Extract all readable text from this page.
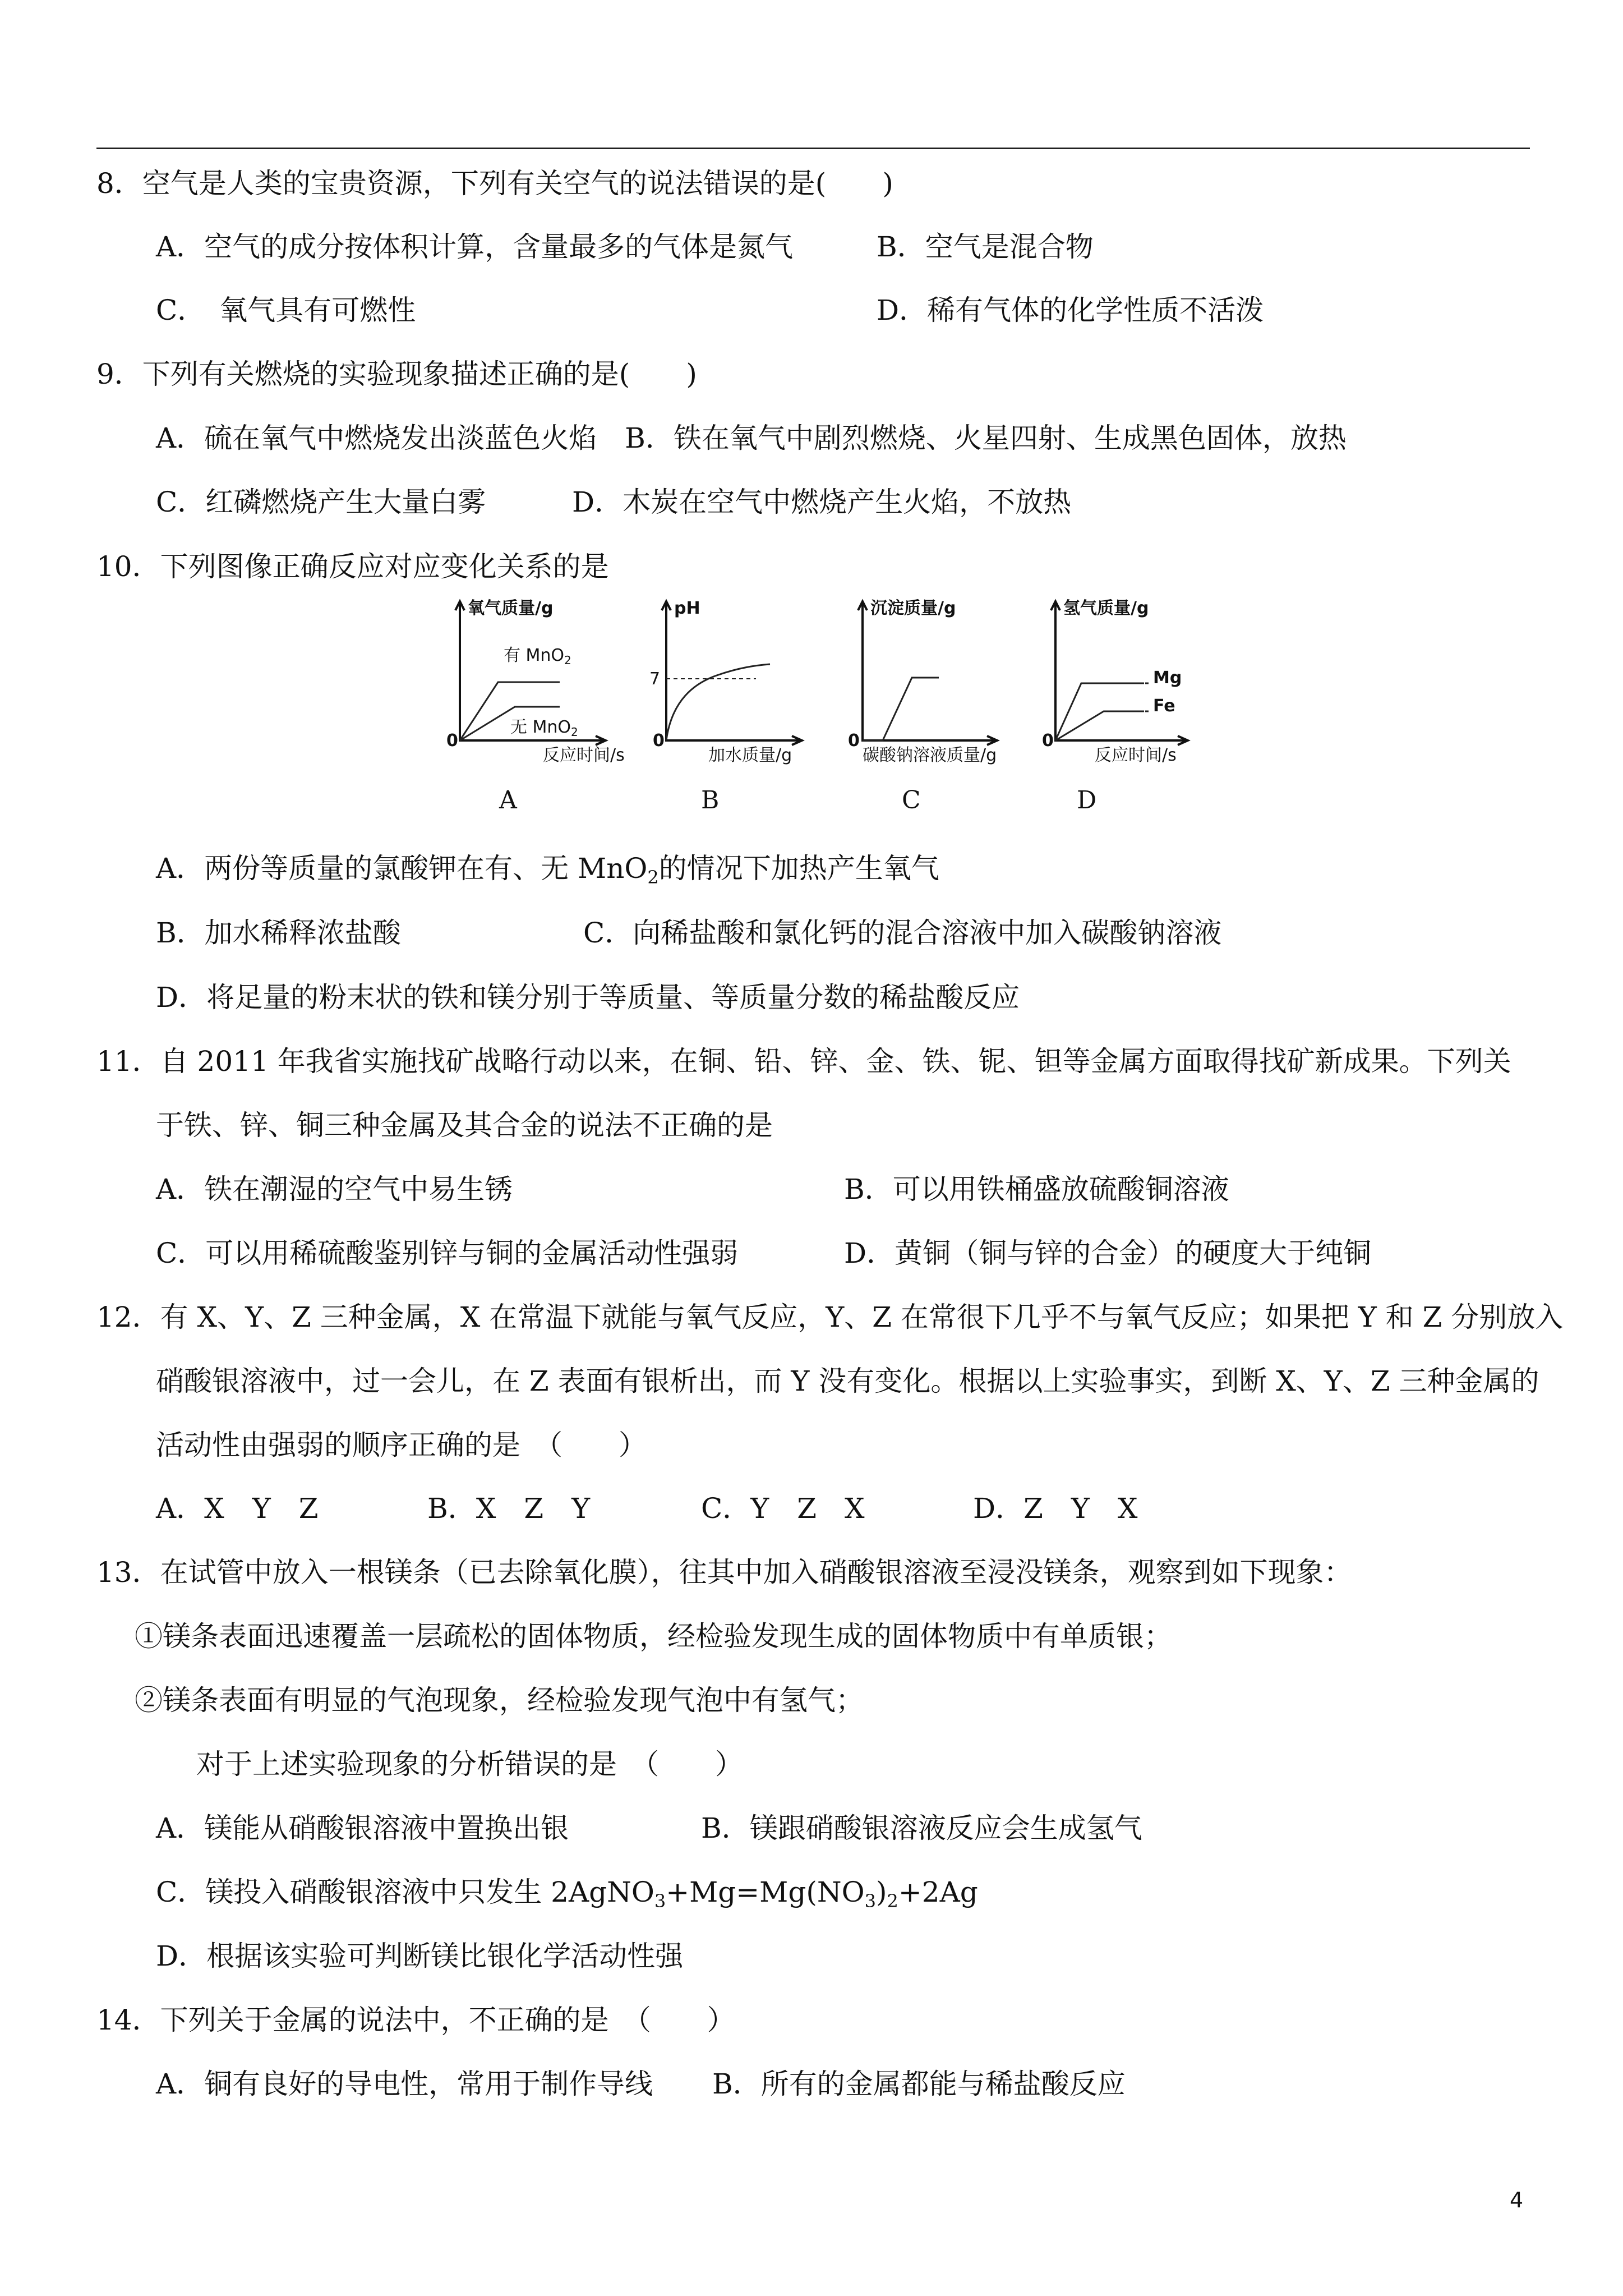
8．空气是人类的宝贵资源，下列有关空气的说法错误的是(　　)
A．空气的成分按体积计算，含量最多的气体是氮气	B．空气是混合物
C．　氧气具有可燃性	D．稀有气体的化学性质不活泼
9．下列有关燃烧的实验现象描述正确的是(　　)
A．硫在氧气中燃烧发出淡蓝色火焰　B．铁在氧气中剧烈燃烧、火星四射、生成黑色固体，放热
C．红磷燃烧产生大量白雾	D．木炭在空气中燃烧产生火焰，不放热
10．下列图像正确反应对应变化关系的是
氧气质量/g
0
有 MnO$_2$
无 MnO$_2$
反应时间/s
pH
0
7
加水质量/g
0
沉淀质量/g
碳酸钠溶液质量/g
0
氢气质量/g
Mg
Fe
反应时间/s
A	B	C	D
A．两份等质量的氯酸钾在有、无 MnO$_2$的情况下加热产生氧气
B．加水稀释浓盐酸	C．向稀盐酸和氯化钙的混合溶液中加入碳酸钠溶液
D．将足量的粉末状的铁和镁分别于等质量、等质量分数的稀盐酸反应
11．自 2011 年我省实施找矿战略行动以来，在铜、铅、锌、金、铁、铌、钽等金属方面取得找矿新成果。下列关
于铁、锌、铜三种金属及其合金的说法不正确的是
A．铁在潮湿的空气中易生锈	B．可以用铁桶盛放硫酸铜溶液
C．可以用稀硫酸鉴别锌与铜的金属活动性强弱	D．黄铜（铜与锌的合金）的硬度大于纯铜
12．有 X、Y、Z 三种金属，X 在常温下就能与氧气反应，Y、Z 在常很下几乎不与氧气反应；如果把 Y 和 Z 分别放入
硝酸银溶液中，过一会儿，在 Z 表面有银析出，而 Y 没有变化。根据以上实验事实，到断 X、Y、Z 三种金属的
活动性由强弱的顺序正确的是　（　　）
A．X　Y　Z	B．X　Z　Y	C．Y　Z　X	D．Z　Y　X
13．在试管中放入一根镁条（已去除氧化膜），往其中加入硝酸银溶液至浸没镁条，观察到如下现象：
①镁条表面迅速覆盖一层疏松的固体物质，经检验发现生成的固体物质中有单质银；
②镁条表面有明显的气泡现象，经检验发现气泡中有氢气；
对于上述实验现象的分析错误的是　（　　）
A．镁能从硝酸银溶液中置换出银	B．镁跟硝酸银溶液反应会生成氢气
C．镁投入硝酸银溶液中只发生 $2AgNO_3+Mg=Mg(NO_3)_2+2Ag$
D．根据该实验可判断镁比银化学活动性强
14．下列关于金属的说法中，不正确的是　（　　）
A．铜有良好的导电性，常用于制作导线 B．所有的金属都能与稀盐酸反应
4
